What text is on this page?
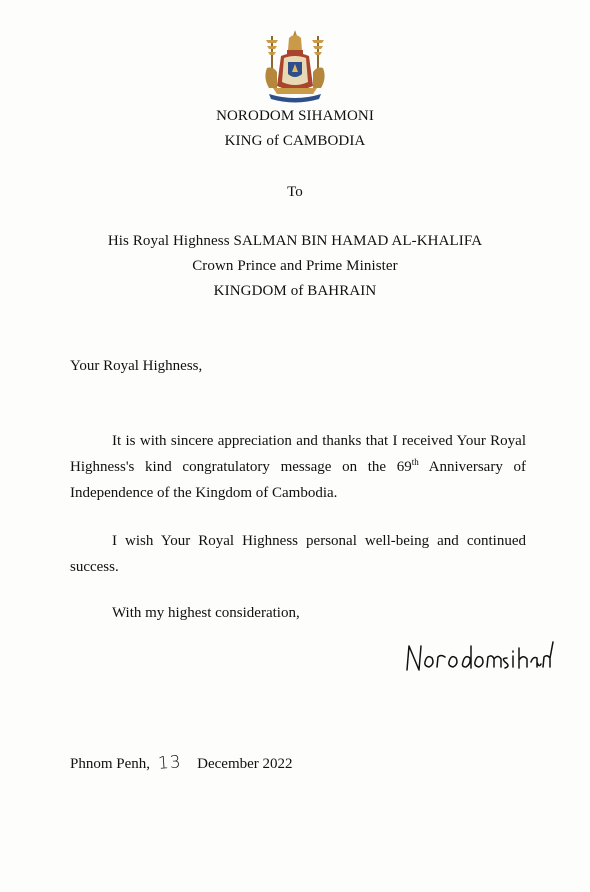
NORODOM SIHAMONI
KING of CAMBODIA
To
His Royal Highness SALMAN BIN HAMAD AL-KHALIFA
Crown Prince and Prime Minister
KINGDOM of BAHRAIN
Your Royal Highness,

It is with sincere appreciation and thanks that I received Your Royal Highness's kind congratulatory message on the 69th Anniversary of Independence of the Kingdom of Cambodia.

I wish Your Royal Highness personal well-being and continued success.

With my highest consideration,
Phnom Penh, 13 December 2022
